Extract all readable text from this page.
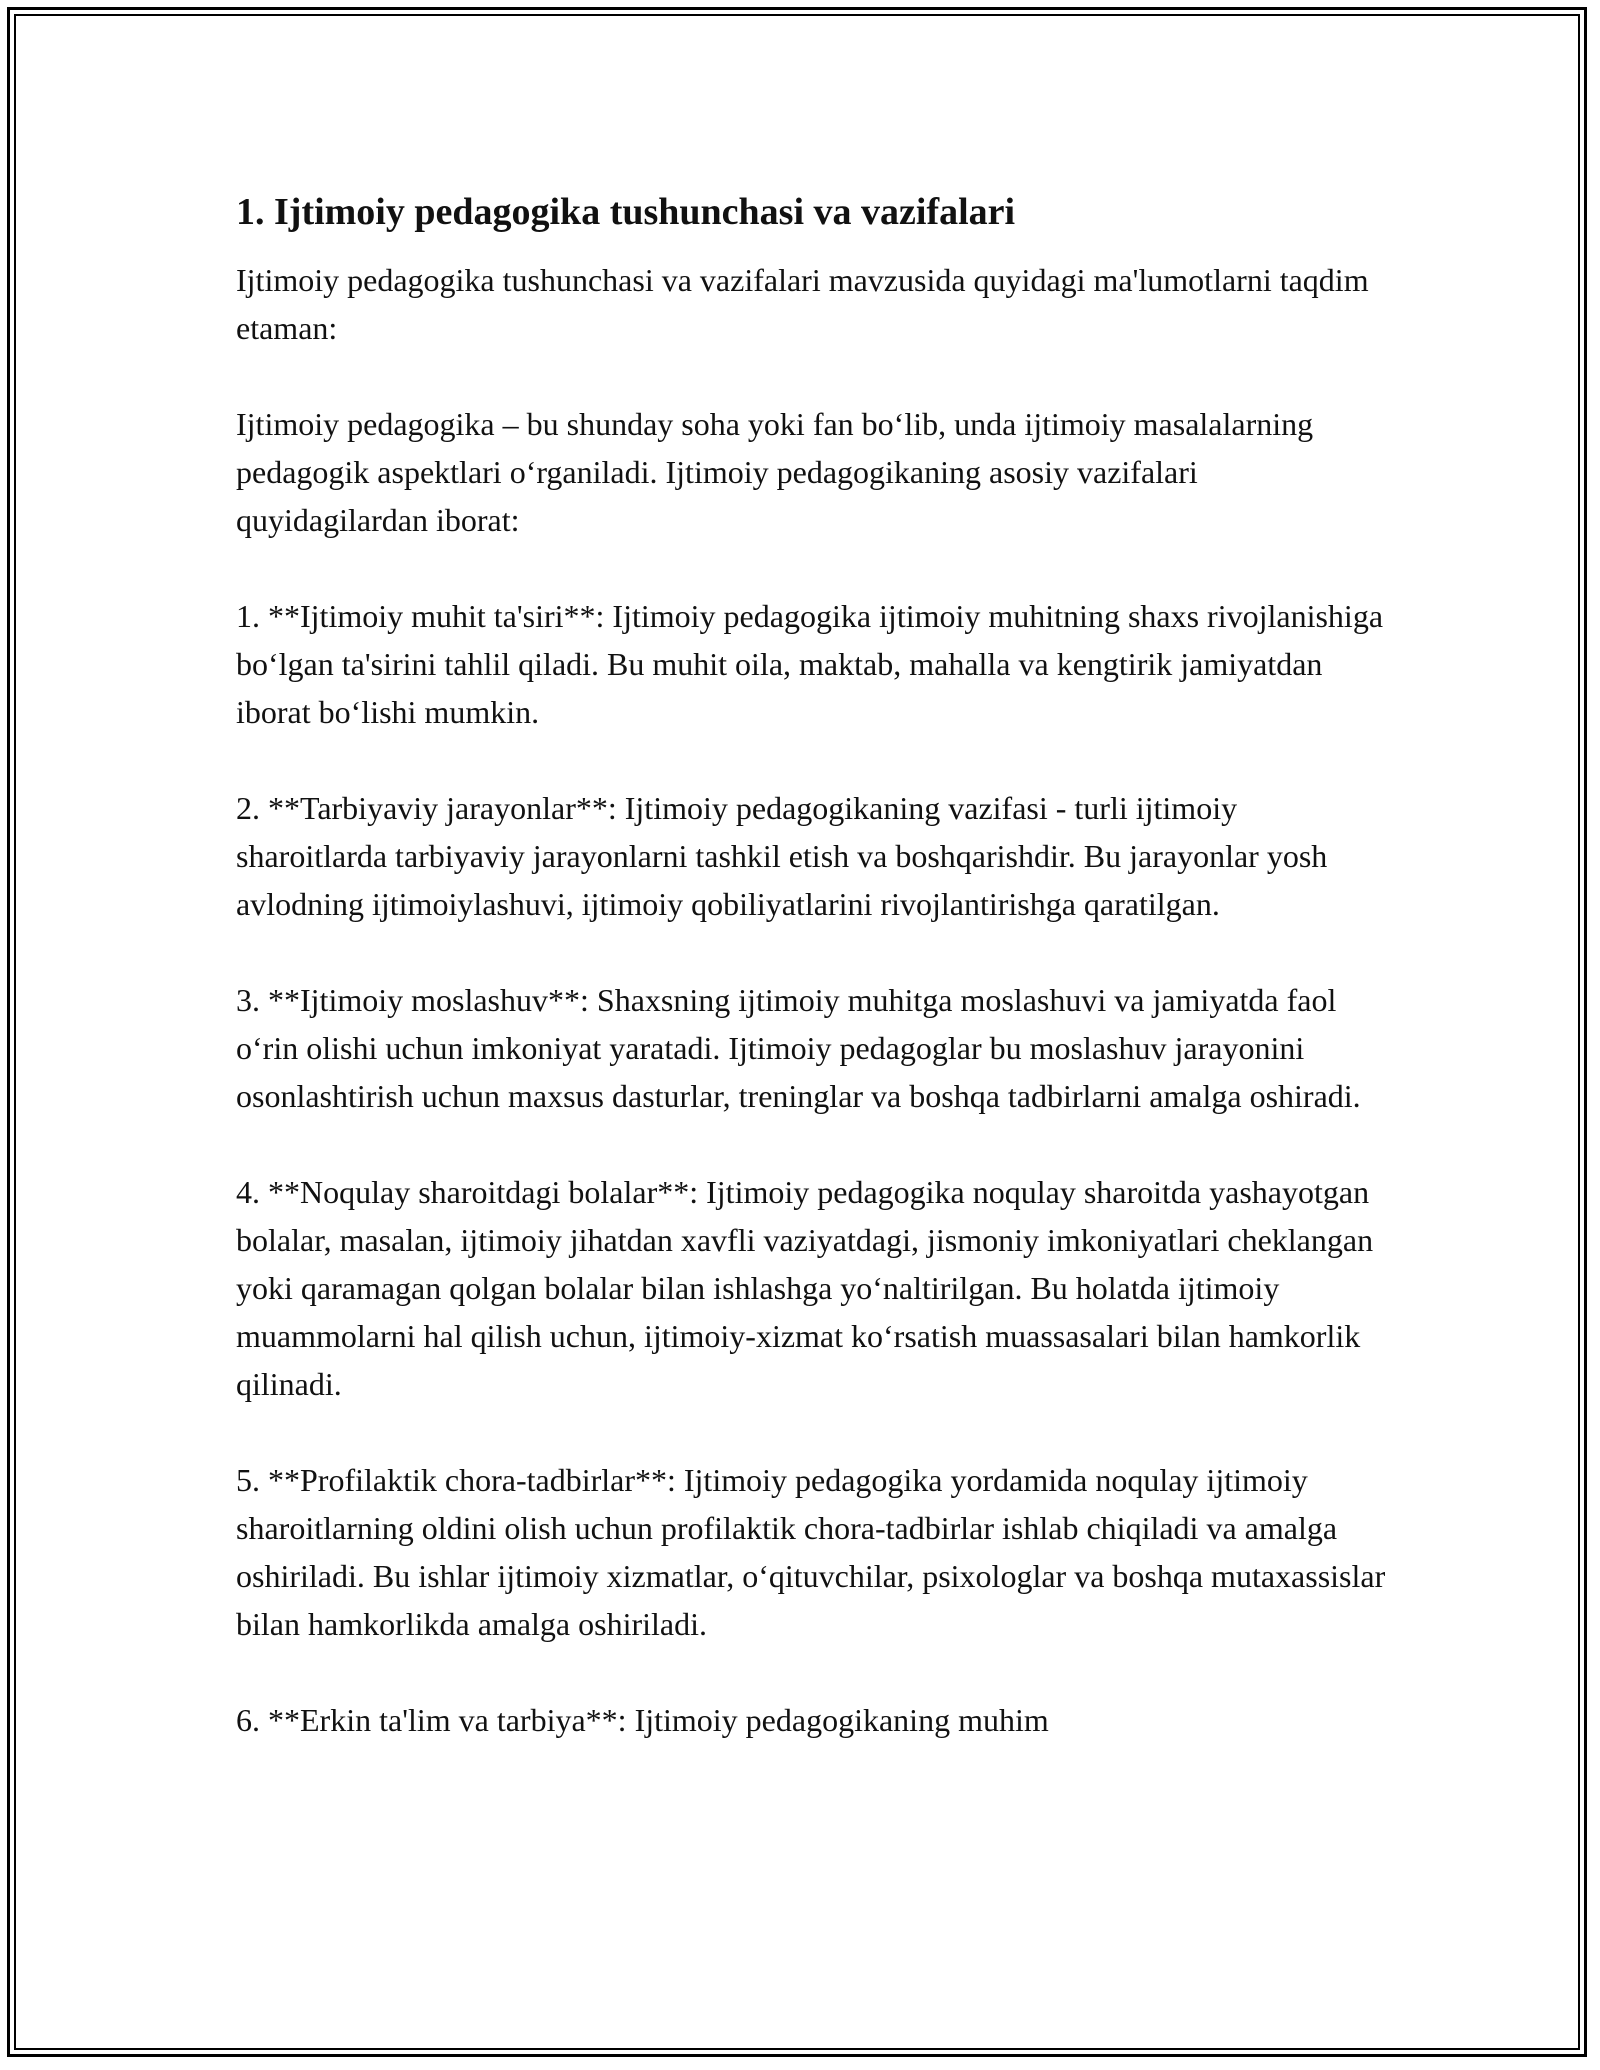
1. Ijtimoiy pedagogika tushunchasi va vazifalari

Ijtimoiy pedagogika tushunchasi va vazifalari mavzusida quyidagi ma'lumotlarni taqdim etaman:

Ijtimoiy pedagogika – bu shunday soha yoki fan bo‘lib, unda ijtimoiy masalalarning pedagogik aspektlari o‘rganiladi. Ijtimoiy pedagogikaning asosiy vazifalari quyidagilardan iborat:

1. **Ijtimoiy muhit ta'siri**: Ijtimoiy pedagogika ijtimoiy muhitning shaxs rivojlanishiga bo‘lgan ta'sirini tahlil qiladi. Bu muhit oila, maktab, mahalla va kengtirik jamiyatdan iborat bo‘lishi mumkin.

2. **Tarbiyaviy jarayonlar**: Ijtimoiy pedagogikaning vazifasi - turli ijtimoiy sharoitlarda tarbiyaviy jarayonlarni tashkil etish va boshqarishdir. Bu jarayonlar yosh avlodning ijtimoiylashuvi, ijtimoiy qobiliyatlarini rivojlantirishga qaratilgan.

3. **Ijtimoiy moslashuv**: Shaxsning ijtimoiy muhitga moslashuvi va jamiyatda faol o‘rin olishi uchun imkoniyat yaratadi. Ijtimoiy pedagoglar bu moslashuv jarayonini osonlashtirish uchun maxsus dasturlar, treninglar va boshqa tadbirlarni amalga oshiradi.

4. **Noqulay sharoitdagi bolalar**: Ijtimoiy pedagogika noqulay sharoitda yashayotgan bolalar, masalan, ijtimoiy jihatdan xavfli vaziyatdagi, jismoniy imkoniyatlari cheklangan yoki qaramagan qolgan bolalar bilan ishlashga yo‘naltirilgan. Bu holatda ijtimoiy muammolarni hal qilish uchun, ijtimoiy-xizmat ko‘rsatish muassasalari bilan hamkorlik qilinadi.

5. **Profilaktik chora-tadbirlar**: Ijtimoiy pedagogika yordamida noqulay ijtimoiy sharoitlarning oldini olish uchun profilaktik chora-tadbirlar ishlab chiqiladi va amalga oshiriladi. Bu ishlar ijtimoiy xizmatlar, o‘qituvchilar, psixologlar va boshqa mutaxassislar bilan hamkorlikda amalga oshiriladi.

6. **Erkin ta'lim va tarbiya**: Ijtimoiy pedagogikaning muhim
